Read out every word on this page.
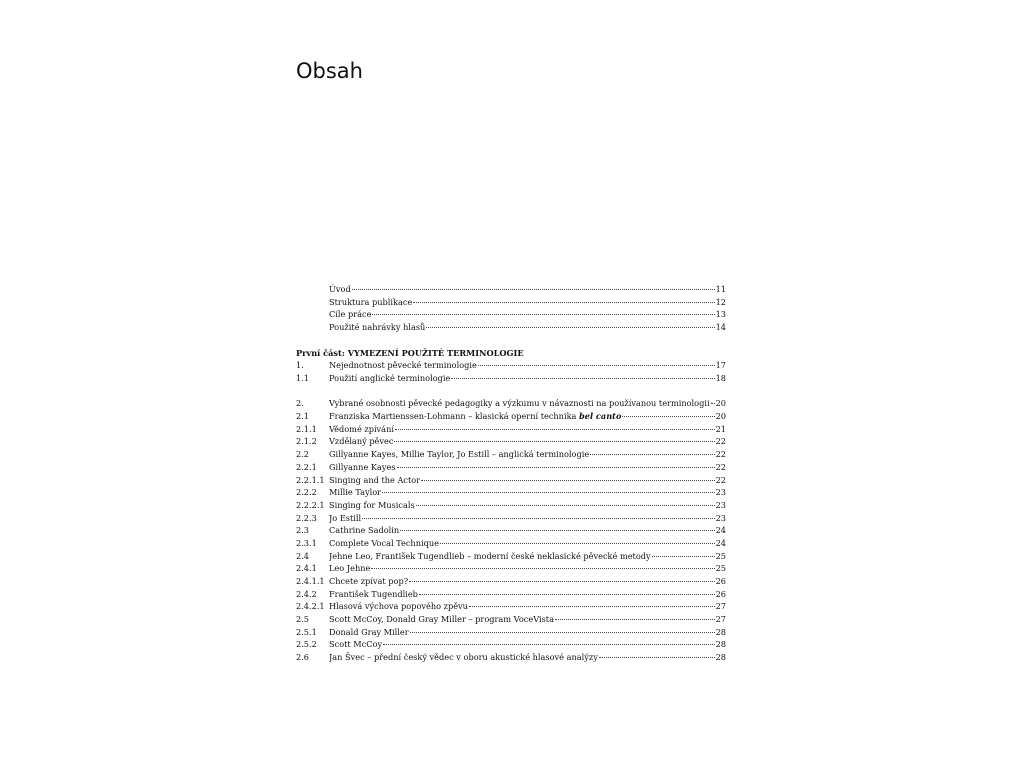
Obsah
Úvod	11
Struktura publikace	12
Cíle práce	13
Použité nahrávky hlasů	14
První část: VYMEZENÍ POUŽITÉ TERMINOLOGIE
1.	Nejednotnost pěvecké terminologie	17
1.1	Použití anglické terminologie	18
2.	Vybrané osobnosti pěvecké pedagogiky a výzkumu v návaznosti na používanou terminologii 20
2.1	Franziska Martienssen-Lohmann – klasická operní technika bel canto	20
2.1.1	Vědomé zpívání	21
2.1.2	Vzdělaný pěvec	22
2.2	Gillyanne Kayes, Millie Taylor, Jo Estill – anglická terminologie	22
2.2.1	Gillyanne Kayes	22
2.2.1.1 Singing and the Actor	22
2.2.2	Millie Taylor	23
2.2.2.1 Singing for Musicals	23
2.2.3	Jo Estill	23
2.3	Cathrine Sadolin	24
2.3.1	Complete Vocal Technique	24
2.4	Jehne Leo, František Tugendlieb – moderní české neklasické pěvecké metody	25
2.4.1	Leo Jehne	25
2.4.1.1 Chcete zpívat pop?	26
2.4.2	František Tugendlieb	26
2.4.2.1 Hlasová výchova popového zpěvu	27
2.5	Scott McCoy, Donald Gray Miller – program VoceVista	27
2.5.1	Donald Gray Miller	28
2.5.2	Scott McCoy	28
2.6	Jan Švec – přední český vědec v oboru akustické hlasové analýzy	28
